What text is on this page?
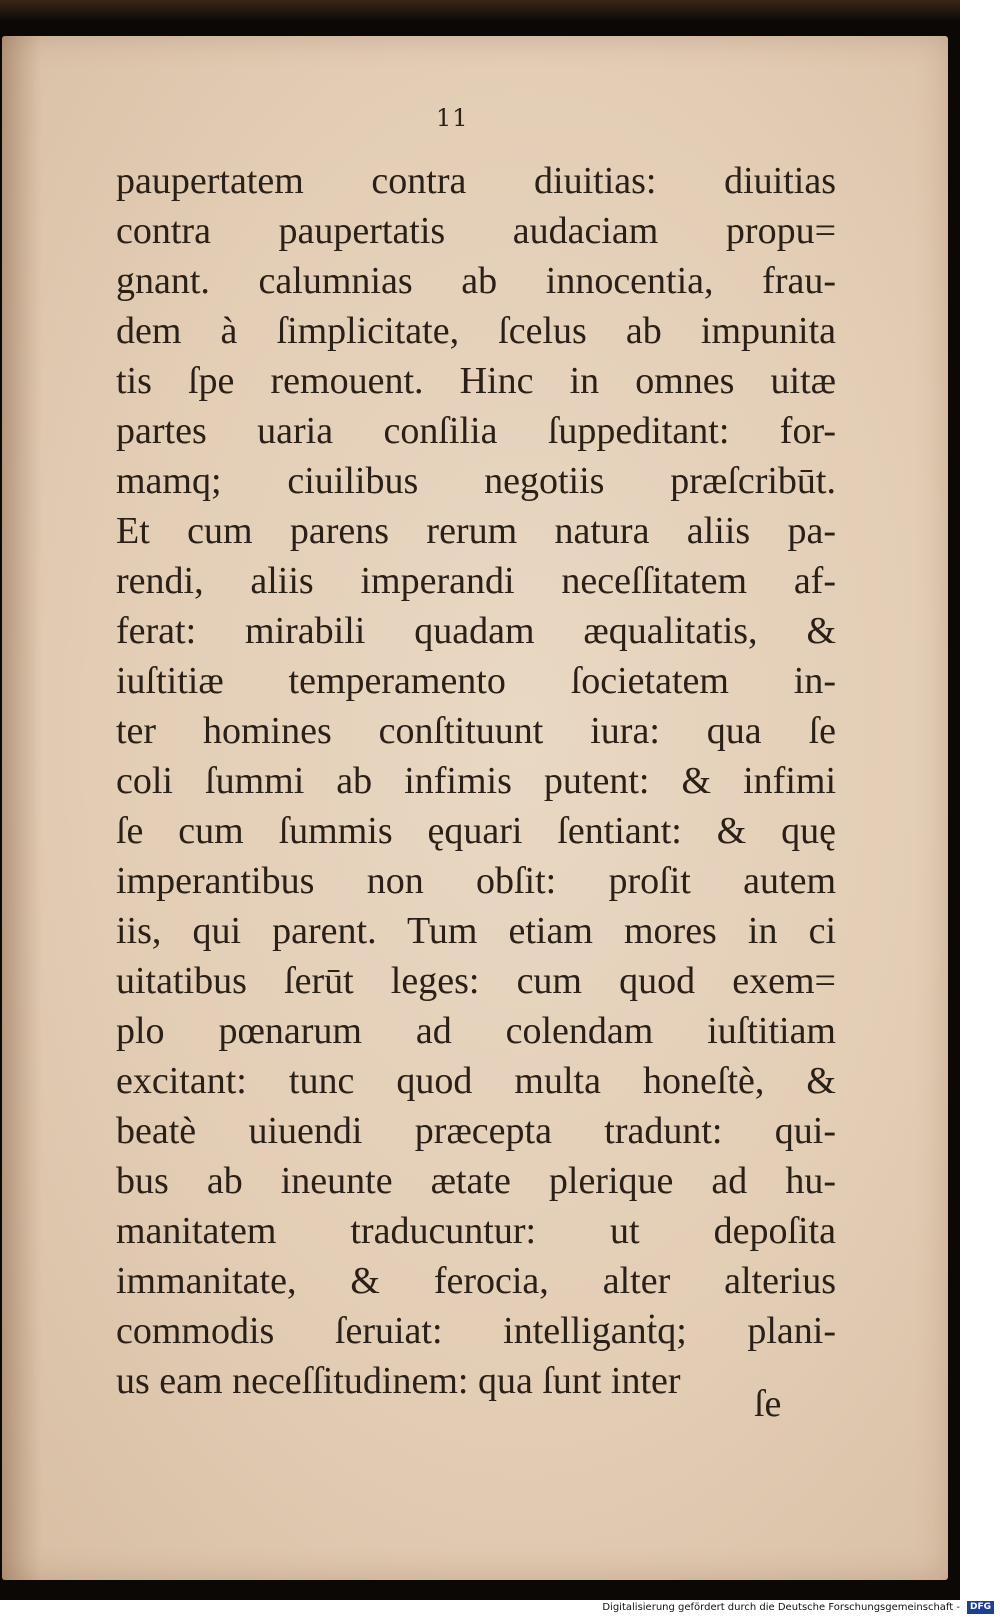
11

paupertatem contra diuitias: diuitias
contra paupertatis audaciam propu=
gnant. calumnias ab innocentia, frau-
dem à ſimplicitate, ſcelus ab impunita
tis ſpe remouent. Hinc in omnes uitæ
partes uaria conſilia ſuppeditant: for-
mamq; ciuilibus negotiis præſcribūt.
Et cum parens rerum natura aliis pa-
rendi, aliis imperandi neceſſitatem af-
ferat: mirabili quadam æqualitatis, &
iuſtitiæ temperamento ſocietatem in-
ter homines conſtituunt iura: qua ſe
coli ſummi ab infimis putent: & infimi
ſe cum ſummis ęquari ſentiant: & quę
imperantibus non obſit: proſit autem
iis, qui parent. Tum etiam mores in ci
uitatibus ſerūt leges: cum quod exem=
plo pœnarum ad colendam iuſtitiam
excitant: tunc quod multa honeſtè, &
beatè uiuendi præcepta tradunt: qui-
bus ab ineunte ætate plerique ad hu-
manitatem traducuntur: ut depoſita
immanitate, & ferocia, alter alterius
commodis ſeruiat: intelliganṫq; plani-
us eam neceſſitudinem: qua ſunt inter

ſe

Digitalisierung gefördert durch die Deutsche Forschungsgemeinschaft -	DFG
